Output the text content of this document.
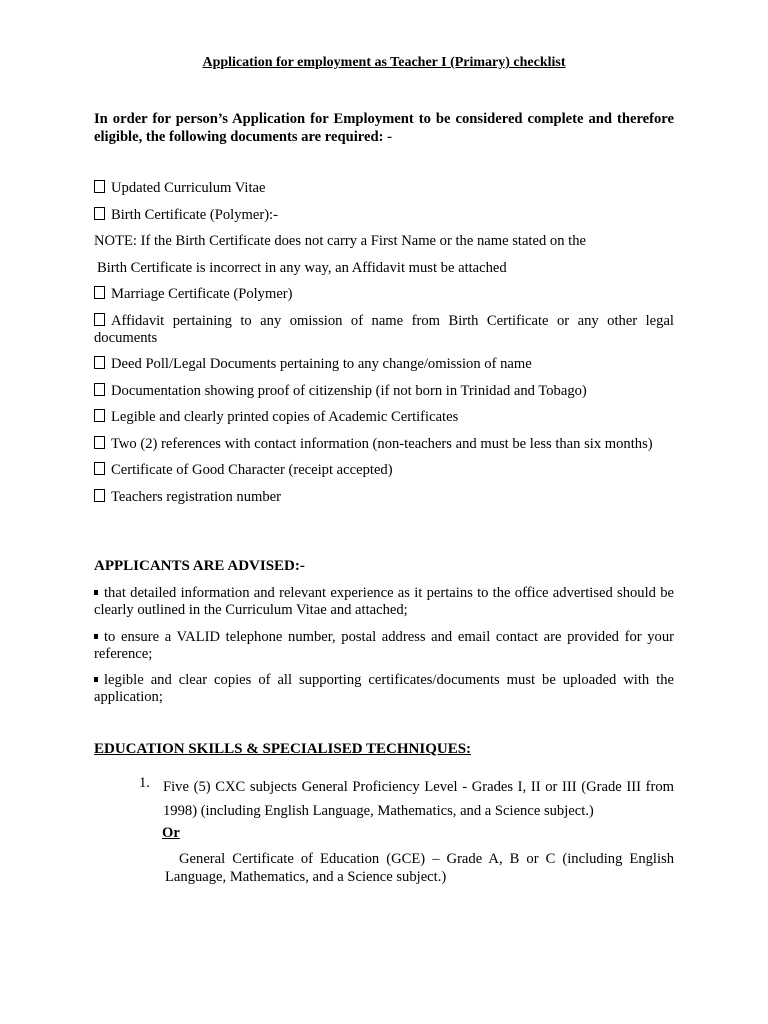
Application for employment as Teacher I (Primary) checklist
In order for person’s Application for Employment to be considered complete and therefore eligible, the following documents are required: -
Updated Curriculum Vitae
Birth Certificate (Polymer):-
NOTE: If the Birth Certificate does not carry a First Name or the name stated on the
Birth Certificate is incorrect in any way, an Affidavit must be attached
Marriage Certificate (Polymer)
Affidavit pertaining to any omission of name from Birth Certificate or any other legal documents
Deed Poll/Legal Documents pertaining to any change/omission of name
Documentation showing proof of citizenship (if not born in Trinidad and Tobago)
Legible and clearly printed copies of Academic Certificates
Two (2) references with contact information (non-teachers and must be less than six months)
Certificate of Good Character (receipt accepted)
Teachers registration number
APPLICANTS ARE ADVISED:-
that detailed information and relevant experience as it pertains to the office advertised should be clearly outlined in the Curriculum Vitae and attached;
to ensure a VALID telephone number, postal address and email contact are provided for your reference;
legible and clear copies of all supporting certificates/documents must be uploaded with the application;
EDUCATION SKILLS & SPECIALISED TECHNIQUES:
1. Five (5) CXC subjects General Proficiency Level - Grades I, II or III (Grade III from 1998) (including English Language, Mathematics, and a Science subject.)
Or
General Certificate of Education (GCE) – Grade A, B or C (including English Language, Mathematics, and a Science subject.)
